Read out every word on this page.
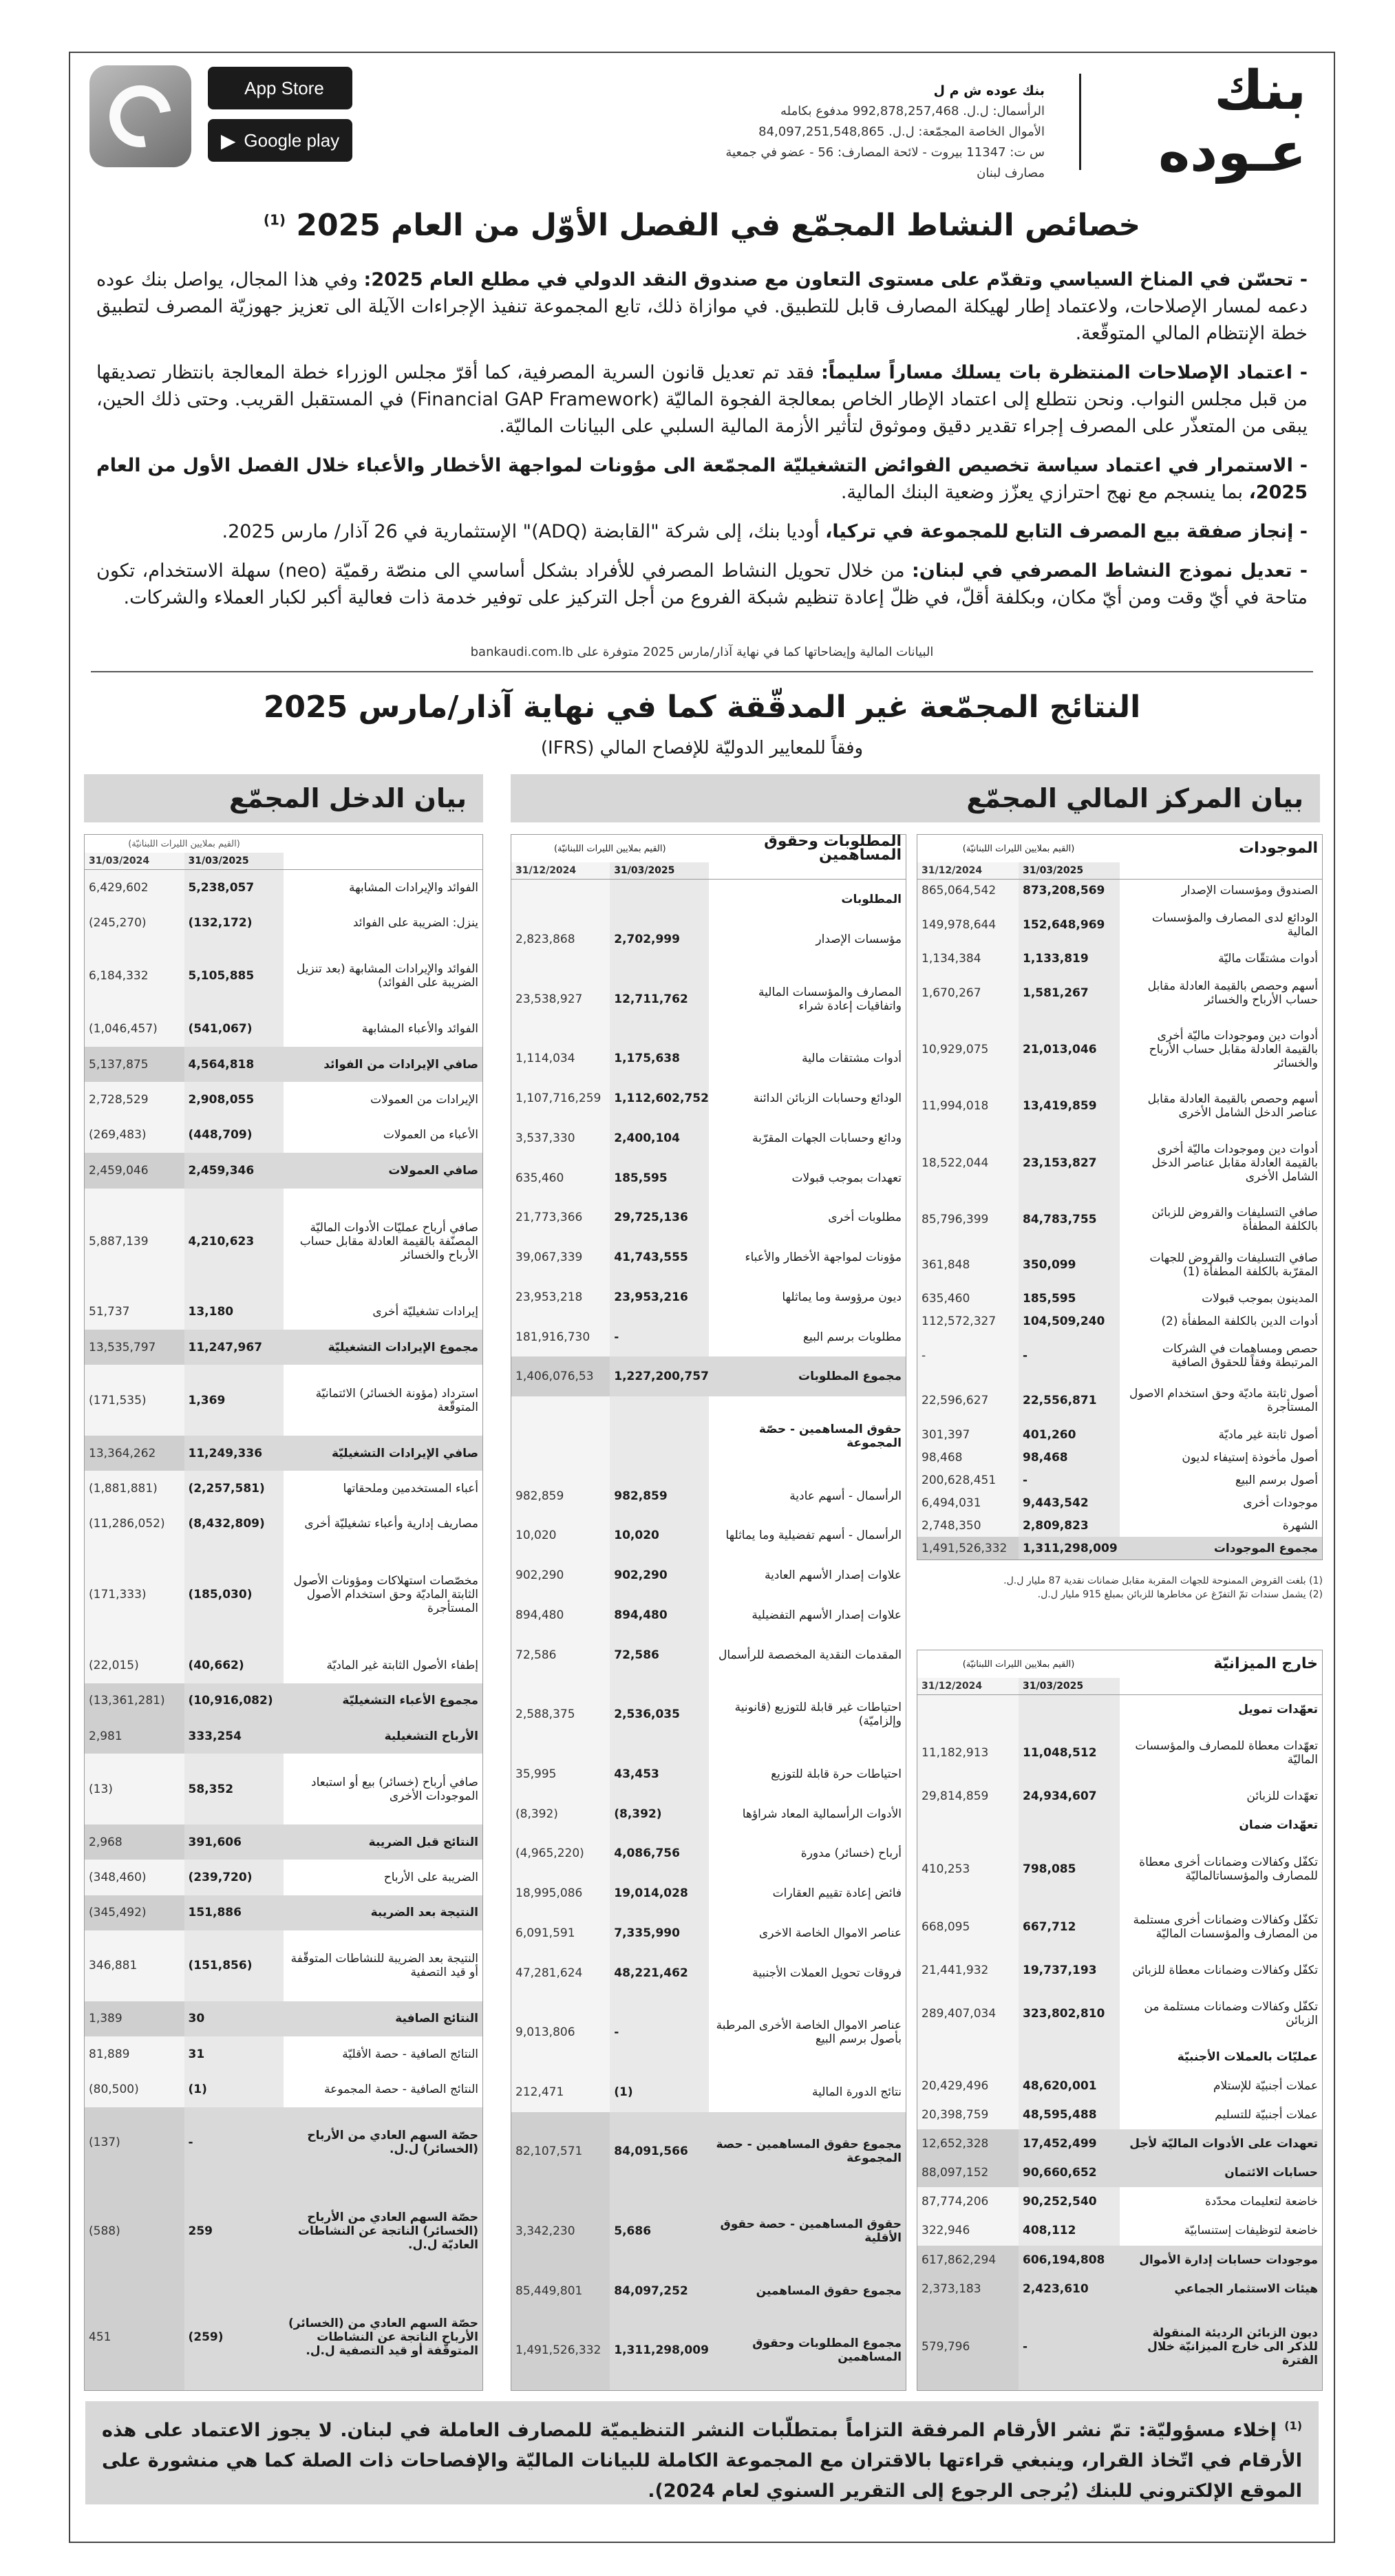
بنك عـوده
بنك عوده ش م ل
الرأسمال: ل.ل. 992,878,257,468 مدفوع بكامله
الأموال الخاصة المجمّعة: ل.ل. 84,097,251,548,865
س ت: 11347 بيروت - لائحة المصارف: 56 - عضو في جمعية مصارف لبنان
App Store
▶ Google play
خصائص النشاط المجمّع في الفصل الأوّل من العام 2025 $^{(1)}$
- تحسّن في المناخ السياسي وتقدّم على مستوى التعاون مع صندوق النقد الدولي في مطلع العام 2025: وفي هذا المجال، يواصل بنك عوده دعمه لمسار الإصلاحات، ولاعتماد إطار لهيكلة المصارف قابل للتطبيق. في موازاة ذلك، تابع المجموعة تنفيذ الإجراءات الآيلة الى تعزيز جهوزيّة المصرف لتطبيق خطة الإنتظام المالي المتوقّعة.
- اعتماد الإصلاحات المنتظرة بات يسلك مساراً سليماً: فقد تم تعديل قانون السرية المصرفية، كما أقرّ مجلس الوزراء خطة المعالجة بانتظار تصديقها من قبل مجلس النواب. ونحن نتطلع إلى اعتماد الإطار الخاص بمعالجة الفجوة الماليّة (Financial GAP Framework) في المستقبل القريب. وحتى ذلك الحين، يبقى من المتعذّر على المصرف إجراء تقدير دقيق وموثوق لتأثير الأزمة المالية السلبي على البيانات الماليّة.
- الاستمرار في اعتماد سياسة تخصيص الفوائض التشغيليّة المجمّعة الى مؤونات لمواجهة الأخطار والأعباء خلال الفصل الأول من العام 2025، بما ينسجم مع نهج احترازي يعزّز وضعية البنك المالية.
- إنجاز صفقة بيع المصرف التابع للمجموعة في تركيا، أوديا بنك، إلى شركة "القابضة (ADQ)" الإستثمارية في 26 آذار/ مارس 2025.
- تعديل نموذج النشاط المصرفي في لبنان: من خلال تحويل النشاط المصرفي للأفراد بشكل أساسي الى منصّة رقميّة (neo) سهلة الاستخدام، تكون متاحة في أيّ وقت ومن أيّ مكان، وبكلفة أقلّ، في ظلّ إعادة تنظيم شبكة الفروع من أجل التركيز على توفير خدمة ذات فعالية أكبر لكبار العملاء والشركات.
البيانات المالية وإيضاحاتها كما في نهاية آذار/مارس 2025 متوفرة على bankaudi.com.lb
النتائج المجمّعة غير المدقّقة كما في نهاية آذار/مارس 2025
وفقاً للمعايير الدوليّة للإفصاح المالي (IFRS)
بيان المركز المالي المجمّع
بيان الدخل المجمّع
	(القيم بملايين الليرات اللبنانيّة)	
	31/03/2025	31/03/2024
الفوائد والإيرادات المشابهة	5,238,057	6,429,602
ينزل: الضريبة على الفوائد	(132,172)	(245,270)
الفوائد والإيرادات المشابهة (بعد تنزيل الضريبة على الفوائد)	5,105,885	6,184,332
الفوائد والأعباء المشابهة	(541,067)	(1,046,457)
صافي الإيرادات من الفوائد	4,564,818	5,137,875
الإيرادات من العمولات	2,908,055	2,728,529
الأعباء من العمولات	(448,709)	(269,483)
صافي العمولات	2,459,346	2,459,046
صافي أرباح عمليّات الأدوات الماليّة المصنّفة بالقيمة العادلة مقابل حساب الأرباح والخسائر	4,210,623	5,887,139
إيرادات تشغيليّة أخرى	13,180	51,737
مجموع الإيرادات التشغيليّة	11,247,967	13,535,797
استرداد (مؤونة الخسائر) الائتمانيّة المتوقّعة	1,369	(171,535)
صافي الإيرادات التشغيليّة	11,249,336	13,364,262
أعباء المستخدمين وملحقاتها	(2,257,581)	(1,881,881)
مصاريف إدارية وأعباء تشغيليّة أخرى	(8,432,809)	(11,286,052)
مخصّصات استهلاكات ومؤونات الأصول الثابتة الماديّة وحق استخدام الأصول المستأجرة	(185,030)	(171,333)
إطفاء الأصول الثابتة غير الماديّة	(40,662)	(22,015)
مجموع الأعباء التشغيليّة	(10,916,082)	(13,361,281)
الأرباح التشغيلية	333,254	2,981
صافي أرباح (خسائر) بيع أو استبعاد الموجودات الأخرى	58,352	(13)
النتائج قبل الضريبة	391,606	2,968
الضريبة على الأرباح	(239,720)	(348,460)
النتيجة بعد الضريبة	151,886	(345,492)
النتيجة بعد الضريبة للنشاطات المتوقّفة أو قيد التصفية	(151,856)	346,881
النتائج الصافية	30	1,389
النتائج الصافية - حصة الأقليّة	31	81,889
النتائج الصافية - حصة المجموعة	(1)	(80,500)
حصّة السهم العادي من الأرباح (الخسائر) ل.ل.	-	(137)
حصّة السهم العادي من الأرباح (الخسائر) الناتجة عن النشاطات العاديّة ل.ل.	259	(588)
حصّة السهم العادي من (الخسائر) الأرباح الناتجة عن النشاطات المتوقّفة أو قيد التصفية ل.ل.	(259)	451
المطلوبات وحقوق المساهمين	(القيم بملايين الليرات اللبنانيّة)	
	31/03/2025	31/12/2024
المطلوبات		
مؤسسات الإصدار	2,702,999	2,823,868
المصارف والمؤسسات المالية واتفاقيات إعادة شراء	12,711,762	23,538,927
أدوات مشتقات مالية	1,175,638	1,114,034
الودائع وحسابات الزبائن الدائنة	1,112,602,752	1,107,716,259
ودائع وحسابات الجهات المقرّبة	2,400,104	3,537,330
تعهدات بموجب قبولات	185,595	635,460
مطلوبات أخرى	29,725,136	21,773,366
مؤونات لمواجهة الأخطار والأعباء	41,743,555	39,067,339
ديون مرؤوسة وما يماثلها	23,953,216	23,953,218
مطلوبات برسم البيع	-	181,916,730
مجموع المطلوبات	1,227,200,757	1,406,076,53
حقوق المساهمين - حصّة المجموعة		
الرأسمال - أسهم عادية	982,859	982,859
الرأسمال - أسهم تفضيلية وما يماثلها	10,020	10,020
علاوات إصدار الأسهم العادية	902,290	902,290
علاوات إصدار الأسهم التفضيلية	894,480	894,480
المقدمات النقدية المخصصة للرأسمال	72,586	72,586
احتياطات غير قابلة للتوزيع (قانونية وإلزاميّة)	2,536,035	2,588,375
احتياطات حرة قابلة للتوزيع	43,453	35,995
الأدوات الرأسمالية المعاد شراؤها	(8,392)	(8,392)
أرباح (خسائر) مدورة	4,086,756	(4,965,220)
فائض إعادة تقييم العقارات	19,014,028	18,995,086
عناصر الاموال الخاصة الاخرى	7,335,990	6,091,591
فروقات تحويل العملات الأجنبية	48,221,462	47,281,624
عناصر الاموال الخاصة الأخرى المرطبة بأصول برسم البيع	-	9,013,806
نتائج الدورة المالية	(1)	212,471
مجموع حقوق المساهمين - حصة المجموعة	84,091,566	82,107,571
حقوق المساهمين - حصة حقوق الأقلية	5,686	3,342,230
مجموع حقوق المساهمين	84,097,252	85,449,801
مجموع المطلوبات وحقوق المساهمين	1,311,298,009	1,491,526,332
الموجودات	(القيم بملايين الليرات اللبنانيّة)	
	31/03/2025	31/12/2024
الصندوق ومؤسسات الإصدار	873,208,569	865,064,542
الودائع لدى المصارف والمؤسسات المالية	152,648,969	149,978,644
أدوات مشتقّات ماليّة	1,133,819	1,134,384
أسهم وحصص بالقيمة العادلة مقابل حساب الأرباح والخسائر	1,581,267	1,670,267
أدوات دين وموجودات ماليّة أخرى بالقيمة العادلة مقابل حساب الأرباح والخسائر	21,013,046	10,929,075
أسهم وحصص بالقيمة العادلة مقابل عناصر الدخل الشامل الأخرى	13,419,859	11,994,018
أدوات دين وموجودات ماليّة أخرى بالقيمة العادلة مقابل عناصر الدخل الشامل الأخرى	23,153,827	18,522,044
صافي التسليفات والقروض للزبائن بالكلفة المطفأة	84,783,755	85,796,399
صافي التسليفات والقروض للجهات المقرّبة بالكلفة المطفأة (1)	350,099	361,848
المدينون بموجب قبولات	185,595	635,460
أدوات الدين بالكلفة المطفأة (2)	104,509,240	112,572,327
حصص ومساهمات في الشركات المرتبطة وفقاً للحقوق الصافية	-	-
أصول ثابتة ماديّة وحق استخدام الاصول المستأجرة	22,556,871	22,596,627
أصول ثابتة غير ماديّة	401,260	301,397
أصول مأخوذة إستيفاء لديون	98,468	98,468
أصول برسم البيع	-	200,628,451
موجودات أخرى	9,443,542	6,494,031
الشهرة	2,809,823	2,748,350
مجموع الموجودات	1,311,298,009	1,491,526,332
(1) بلغت القروض الممنوحة للجهات المقربة مقابل ضمانات نقدية 87 مليار ل.ل.
(2) يشمل سندات تمّ التفرّغ عن مخاطرها للزبائن بمبلغ 915 مليار ل.ل.
خارج الميزانيّة	(القيم بملايين الليرات اللبنانيّة)	
	31/03/2025	31/12/2024
تعهّدات تمويل		
تعهّدات معطاة للمصارف والمؤسسات الماليّة	11,048,512	11,182,913
تعهّدات للزبائن	24,934,607	29,814,859
تعهّدات ضمان		
تكفّل وكفالات وضمانات أخرى معطاة للمصارف والمؤسساتالماليّة	798,085	410,253
تكفّل وكفالات وضمانات أخرى مستلمة من المصارف والمؤسسات الماليّة	667,712	668,095
تكفّل وكفالات وضمانات معطاة للزبائن	19,737,193	21,441,932
تكفّل وكفالات وضمانات مستلمة من الزبائن	323,802,810	289,407,034
عمليّات بالعملات الأجنبيّة		
عملات أجنبيّة للإستلام	48,620,001	20,429,496
عملات أجنبيّة للتسليم	48,595,488	20,398,759
تعهدات على الأدوات الماليّة لأجل	17,452,499	12,652,328
حسابات الائتمان	90,660,652	88,097,152
خاضعة لتعليمات محدّدة	90,252,540	87,774,206
خاضعة لتوظيفات إستنسابيّة	408,112	322,946
موجودات حسابات إدارة الأموال	606,194,808	617,862,294
هيئات الاستثمار الجماعي	2,423,610	2,373,183
ديون الزبائن الرديئة المنقولة للذكر الى خارج الميزانيّة خلال الفترة	-	579,796
$^{(1)}$ إخلاء مسؤوليّة: تمّ نشر الأرقام المرفقة التزاماً بمتطلّبات النشر التنظيميّة للمصارف العاملة في لبنان. لا يجوز الاعتماد على هذه الأرقام في اتّخاذ القرار، وينبغي قراءتها بالاقتران مع المجموعة الكاملة للبيانات الماليّة والإفصاحات ذات الصلة كما هي منشورة على الموقع الإلكتروني للبنك (يُرجى الرجوع إلى التقرير السنوي لعام 2024).
